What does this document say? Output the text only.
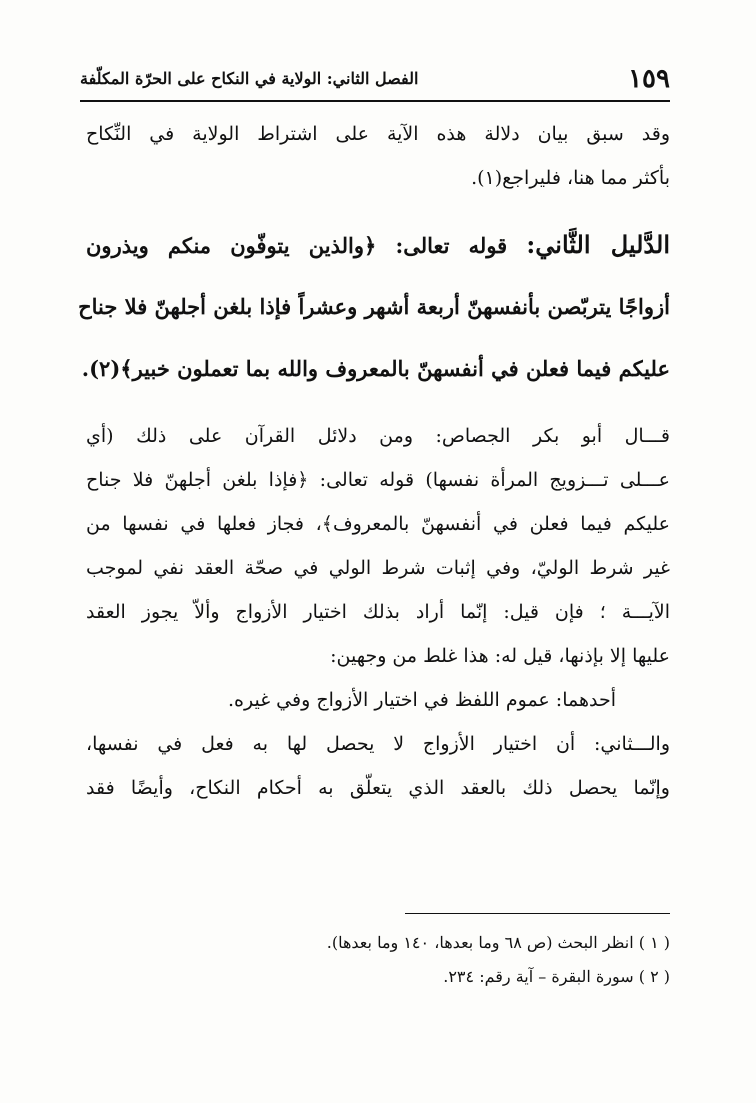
١٥٩
الفصل الثاني: الولاية في النكاح على الحرّة المكلّفة
وقد سبق بيان دلالة هذه الآية على اشتراط الولاية في النِّكاح
بأكثر مما هنا، فليراجع(١).
الدَّليل الثَّاني: قوله تعالى: ﴿والذين يتوفّون منكم ويذرون
أزواجًا يتربّصن بأنفسهنّ أربعة أشهر وعشراً فإذا بلغن أجلهنّ فلا جناح
عليكم فيما فعلن في أنفسهنّ بالمعروف والله بما تعملون خبير﴾(٢).
قـــال أبو بكر الجصاص: ومن دلائل القرآن على ذلك (أي
عـــلى تـــزويج المرأة نفسها) قوله تعالى: ﴿فإذا بلغن أجلهنّ فلا جناح
عليكم فيما فعلن في أنفسهنّ بالمعروف﴾، فجاز فعلها في نفسها من
غير شرط الوليّ، وفي إثبات شرط الولي في صحّة العقد نفي لموجب
الآيـــة ؛ فإن قيل: إنّما أراد بذلك اختيار الأزواج وألاّ يجوز العقد
عليها إلا بإذنها، قيل له: هذا غلط من وجهين:
أحدهما: عموم اللفظ في اختيار الأزواج وفي غيره.
والـــثاني: أن اختيار الأزواج لا يحصل لها به فعل في نفسها،
وإنّما يحصل ذلك بالعقد الذي يتعلّق به أحكام النكاح، وأيضًا فقد
( ١ ) انظر البحث (ص ٦٨ وما بعدها، ١٤٠ وما بعدها).
( ٢ ) سورة البقرة – آية رقم: ٢٣٤.
